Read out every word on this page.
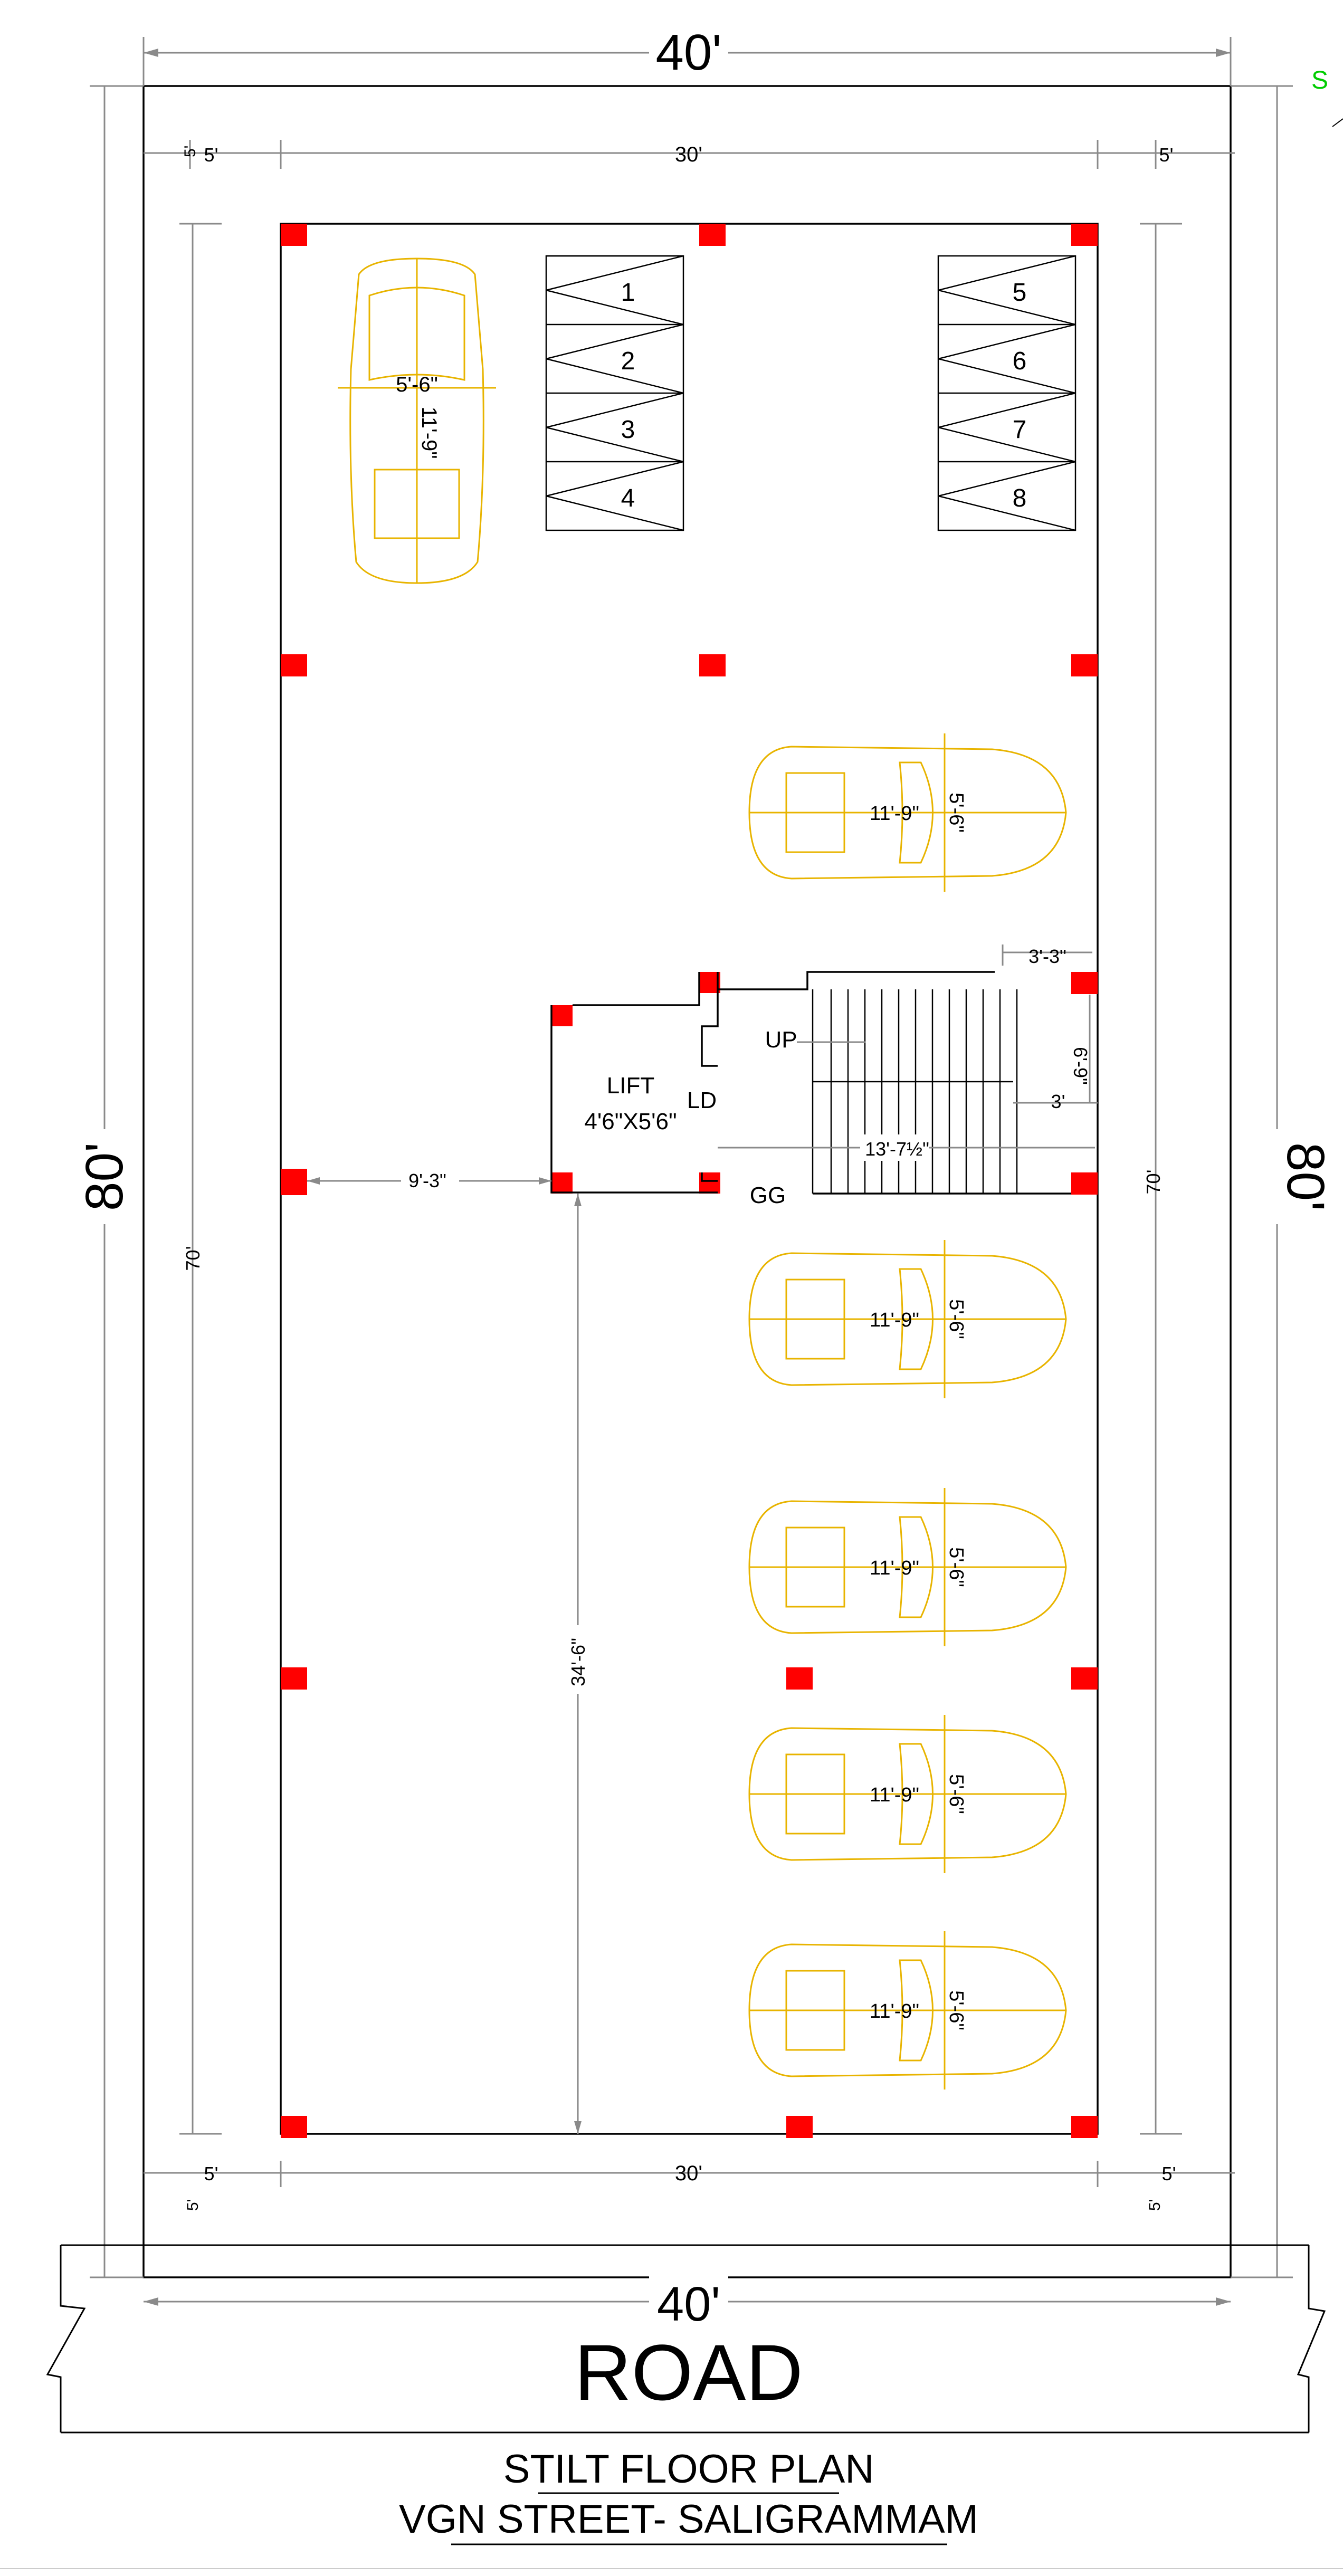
40'
5'	30'	5'
5'
80'	80'
70'
70'
S
5'	30'	5'
5'	5'
1
2
3
4
5
6
7
8
5'-6"
11'-9"
11'-9" 5'-6"
11'-9" 5'-6"
11'-9" 5'-6"
11'-9" 5'-6"
11'-9" 5'-6"
LIFT
4'6"X5'6"
LD
GG
UP
13'-7½"
3'-3"
6'-9"
3'
9'-3"
34'-6"
40'
ROAD
STILT FLOOR PLAN
VGN STREET- SALIGRAMMAM
